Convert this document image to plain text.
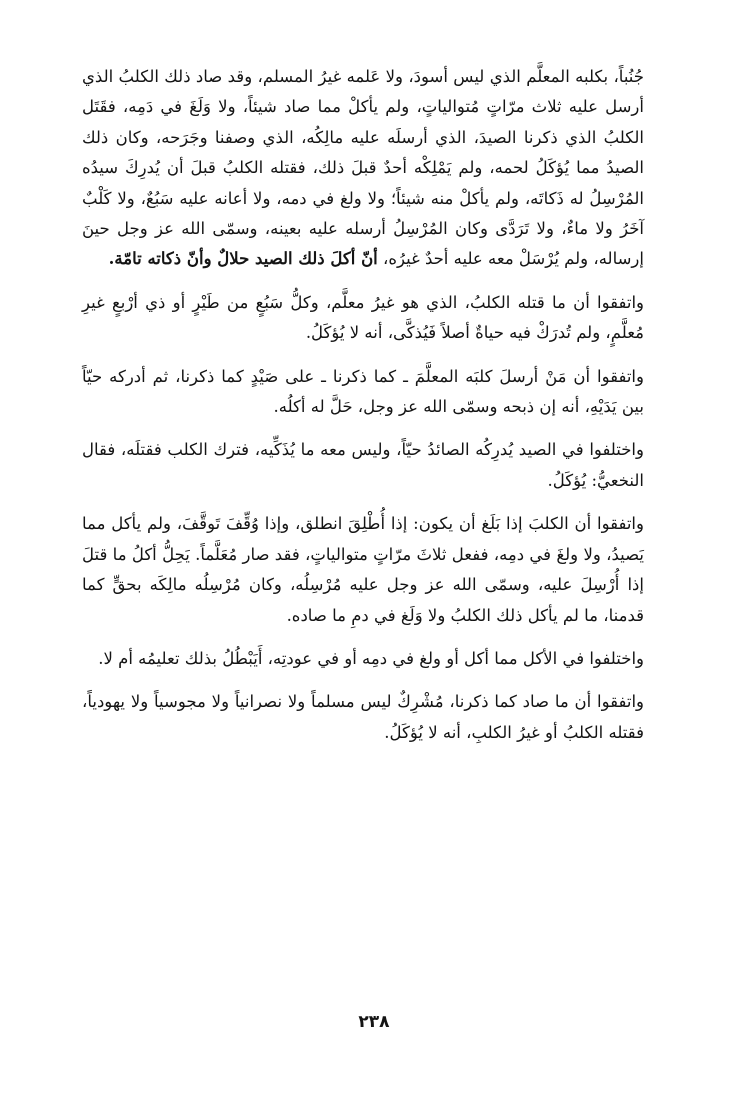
جُنُباً، بكلبه المعلَّم الذي ليس أسودَ، ولا عَلمه غيرُ المسلم، وقد صاد ذلك الكلبُ الذي أرسل عليه ثلاث مرّاتٍ مُتوالياتٍ، ولم يأكلْ مما صاد شيئاً، ولا وَلَغَ في دَمِه، فقَتَل الكلبُ الذي ذكرنا الصيدَ، الذي أرسلَه عليه مالِكُه، الذي وصفنا وجَرَحه، وكان ذلك الصيدُ مما يُؤكَلُ لحمه، ولم يَمْلِكْه أحدٌ قبلَ ذلك، فقتله الكلبُ قبلَ أن يُدرِكَ سيدُه المُرْسِلُ له ذَكاتَه، ولم يأكلْ منه شيئاً؛ ولا ولغ في دمه، ولا أعانه عليه سَبُعٌ، ولا كَلْبٌ آخَرُ ولا ماءٌ، ولا تَرَدَّى وكان المُرْسِلُ أرسله عليه بعينه، وسمّى الله عز وجل حينَ إرساله، ولم يُرْسَلْ معه عليه أحدٌ غيرُه، أنّ أكلَ ذلك الصيد حلالٌ وأنّ ذكاته تامّة.

واتفقوا أن ما قتله الكلبُ، الذي هو غيرُ معلَّم، وكلُّ سَبُعٍ من طَيْرٍ أو ذي أرْبعٍ غيرِ مُعلَّمٍ، ولم تُدرَكْ فيه حياةٌ أصلاً فَيُذكَّى، أنه لا يُؤكَلُ.

واتفقوا أن مَنْ أرسلَ كلبَه المعلَّمَ ـ كما ذكرنا ـ على صَيْدٍ كما ذكرنا، ثم أدركه حيّاً بين يَدَيْهِ، أنه إن ذبحه وسمّى الله عز وجل، حَلَّ له أكلُه.

واختلفوا في الصيد يُدرِكُه الصائدُ حيّاً، وليس معه ما يُذَكِّيه، فترك الكلب فقتلَه، فقال النخعيُّ: يُؤكَلُ.

واتفقوا أن الكلبَ إذا بَلَغ أن يكون: إذا أُطْلِقَ انطلق، وإذا وُقِّفَ تَوقَّفَ، ولم يأكل مما يَصيدُ، ولا ولغَ في دمِه، ففعل ثلاثَ مرّاتٍ متوالياتٍ، فقد صار مُعَلَّماً. يَحِلُّ أكلُ ما قتلَ إذا أُرْسِلَ عليه، وسمّى الله عز وجل عليه مُرْسِلُه، وكان مُرْسِلُه مالِكَه بحقٍّ كما قدمنا، ما لم يأكل ذلك الكلبُ ولا وَلَغ في دمِ ما صاده.

واختلفوا في الأكل مما أكل أو ولغ في دمِه أو في عودتِه، أَيَبْطُلُ بذلك تعليمُه أم لا.

واتفقوا أن ما صاد كما ذكرنا، مُشْرِكٌ ليس مسلماً ولا نصرانياً ولا مجوسياً ولا يهودياً، فقتله الكلبُ أو غيرُ الكلبِ، أنه لا يُؤكَلُ.

٢٣٨
